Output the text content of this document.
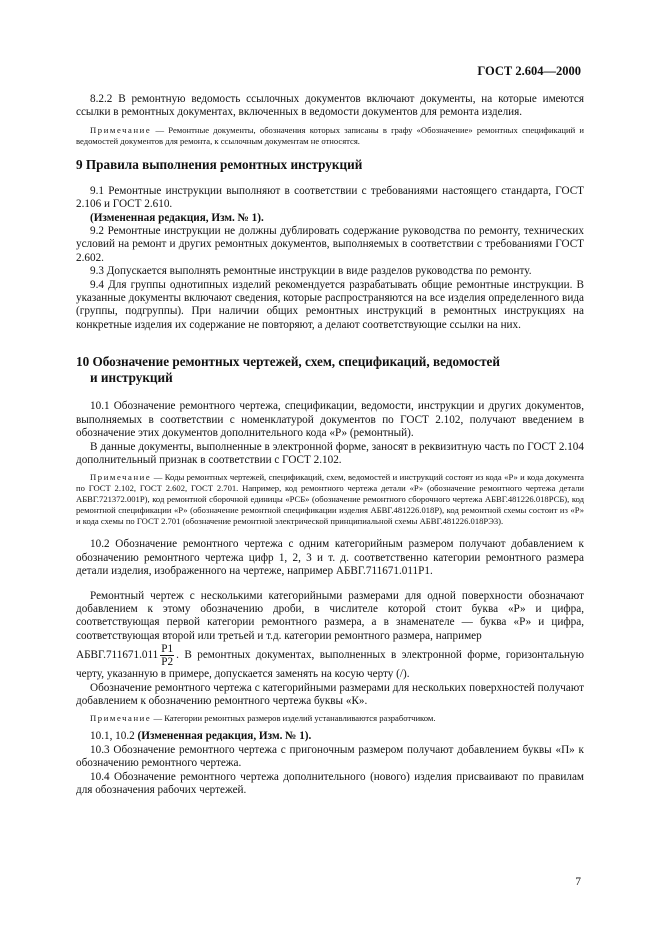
ГОСТ 2.604—2000

8.2.2 В ремонтную ведомость ссылочных документов включают документы, на которые имеются ссылки в ремонтных документах, включенных в ведомости документов для ремонта изделия.

Примечание — Ремонтные документы, обозначения которых записаны в графу «Обозначение» ремонтных спецификаций и ведомостей документов для ремонта, к ссылочным документам не относятся.

9 Правила выполнения ремонтных инструкций

9.1 Ремонтные инструкции выполняют в соответствии с требованиями настоящего стандарта, ГОСТ 2.106 и ГОСТ 2.610.

(Измененная редакция, Изм. № 1).

9.2 Ремонтные инструкции не должны дублировать содержание руководства по ремонту, технических условий на ремонт и других ремонтных документов, выполняемых в соответствии с требованиями ГОСТ 2.602.

9.3 Допускается выполнять ремонтные инструкции в виде разделов руководства по ремонту.

9.4 Для группы однотипных изделий рекомендуется разрабатывать общие ремонтные инструкции. В указанные документы включают сведения, которые распространяются на все изделия определенного вида (группы, подгруппы). При наличии общих ремонтных инструкций в ремонтных инструкциях на конкретные изделия их содержание не повторяют, а делают соответствующие ссылки на них.

10 Обозначение ремонтных чертежей, схем, спецификаций, ведомостей
и инструкций

10.1 Обозначение ремонтного чертежа, спецификации, ведомости, инструкции и других документов, выполняемых в соответствии с номенклатурой документов по ГОСТ 2.102, получают введением в обозначение этих документов дополнительного кода «Р» (ремонтный).

В данные документы, выполненные в электронной форме, заносят в реквизитную часть по ГОСТ 2.104 дополнительный признак в соответствии с ГОСТ 2.102.

Примечание — Коды ремонтных чертежей, спецификаций, схем, ведомостей и инструкций состоят из кода «Р» и кода документа по ГОСТ 2.102, ГОСТ 2.602, ГОСТ 2.701. Например, код ремонтного чертежа детали «Р» (обозначение ремонтного чертежа детали АБВГ.721372.001Р), код ремонтной сборочной единицы «РСБ» (обозначение ремонтного сборочного чертежа АБВГ.481226.018РСБ), код ремонтной спецификации «Р» (обозначение ремонтной спецификации изделия АБВГ.481226.018Р), код ремонтной схемы состоит из «Р» и кода схемы по ГОСТ 2.701 (обозначение ремонтной электрической принципиальной схемы АБВГ.481226.018РЭ3).

10.2 Обозначение ремонтного чертежа с одним категорийным размером получают добавлением к обозначению ремонтного чертежа цифр 1, 2, 3 и т. д. соответственно категории ремонтного размера детали изделия, изображенного на чертеже, например АБВГ.711671.011Р1.

Ремонтный чертеж с несколькими категорийными размерами для одной поверхности обозначают добавлением к этому обозначению дроби, в числителе которой стоит буква «Р» и цифра, соответствующая первой категории ремонтного размера, а в знаменателе — буква «Р» и цифра, соответствующая второй или третьей и т.д. категории ремонтного размера, например

АБВГ.711671.011 $\frac{Р1}{Р2}$ . В ремонтных документах, выполненных в электронной форме, горизонтальную черту, указанную в примере, допускается заменять на косую черту (/).

Обозначение ремонтного чертежа с категорийными размерами для нескольких поверхностей получают добавлением к обозначению ремонтного чертежа буквы «К».

Примечание — Категории ремонтных размеров изделий устанавливаются разработчиком.

10.1, 10.2 (Измененная редакция, Изм. № 1).

10.3 Обозначение ремонтного чертежа с пригоночным размером получают добавлением буквы «П» к обозначению ремонтного чертежа.

10.4 Обозначение ремонтного чертежа дополнительного (нового) изделия присваивают по правилам для обозначения рабочих чертежей.

7
